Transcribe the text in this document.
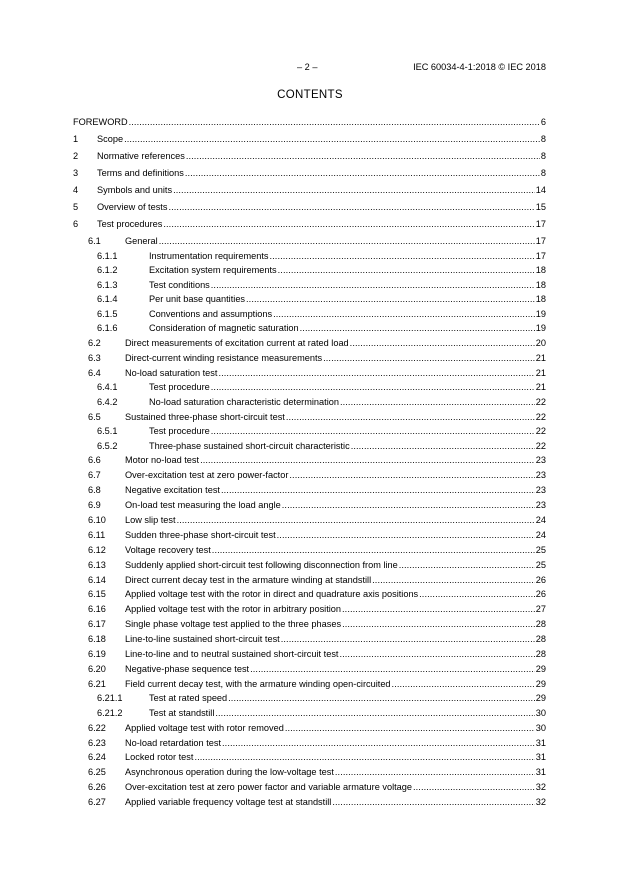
– 2 –	IEC 60034-4-1:2018 © IEC 2018
CONTENTS
FOREWORD .....	6
1	Scope .....	8
2	Normative references .....	8
3	Terms and definitions .....	8
4	Symbols and units .....	14
5	Overview of tests .....	15
6	Test procedures .....	17
6.1	General .....	17
6.1.1	Instrumentation requirements .....	17
6.1.2	Excitation system requirements .....	18
6.1.3	Test conditions .....	18
6.1.4	Per unit base quantities .....	18
6.1.5	Conventions and assumptions .....	19
6.1.6	Consideration of magnetic saturation .....	19
6.2	Direct measurements of excitation current at rated load .....	20
6.3	Direct-current winding resistance measurements .....	21
6.4	No-load saturation test .....	21
6.4.1	Test procedure .....	21
6.4.2	No-load saturation characteristic determination .....	22
6.5	Sustained three-phase short-circuit test .....	22
6.5.1	Test procedure .....	22
6.5.2	Three-phase sustained short-circuit characteristic .....	22
6.6	Motor no-load test .....	23
6.7	Over-excitation test at zero power-factor .....	23
6.8	Negative excitation test .....	23
6.9	On-load test measuring the load angle .....	23
6.10	Low slip test .....	24
6.11	Sudden three-phase short-circuit test .....	24
6.12	Voltage recovery test .....	25
6.13	Suddenly applied short-circuit test following disconnection from line .....	25
6.14	Direct current decay test in the armature winding at standstill .....	26
6.15	Applied voltage test with the rotor in direct and quadrature axis positions .....	26
6.16	Applied voltage test with the rotor in arbitrary position .....	27
6.17	Single phase voltage test applied to the three phases .....	28
6.18	Line-to-line sustained short-circuit test .....	28
6.19	Line-to-line and to neutral sustained short-circuit test .....	28
6.20	Negative-phase sequence test .....	29
6.21	Field current decay test, with the armature winding open-circuited .....	29
6.21.1	Test at rated speed .....	29
6.21.2	Test at standstill .....	30
6.22	Applied voltage test with rotor removed .....	30
6.23	No-load retardation test .....	31
6.24	Locked rotor test .....	31
6.25	Asynchronous operation during the low-voltage test .....	31
6.26	Over-excitation test at zero power factor and variable armature voltage .....	32
6.27	Applied variable frequency voltage test at standstill .....	32
